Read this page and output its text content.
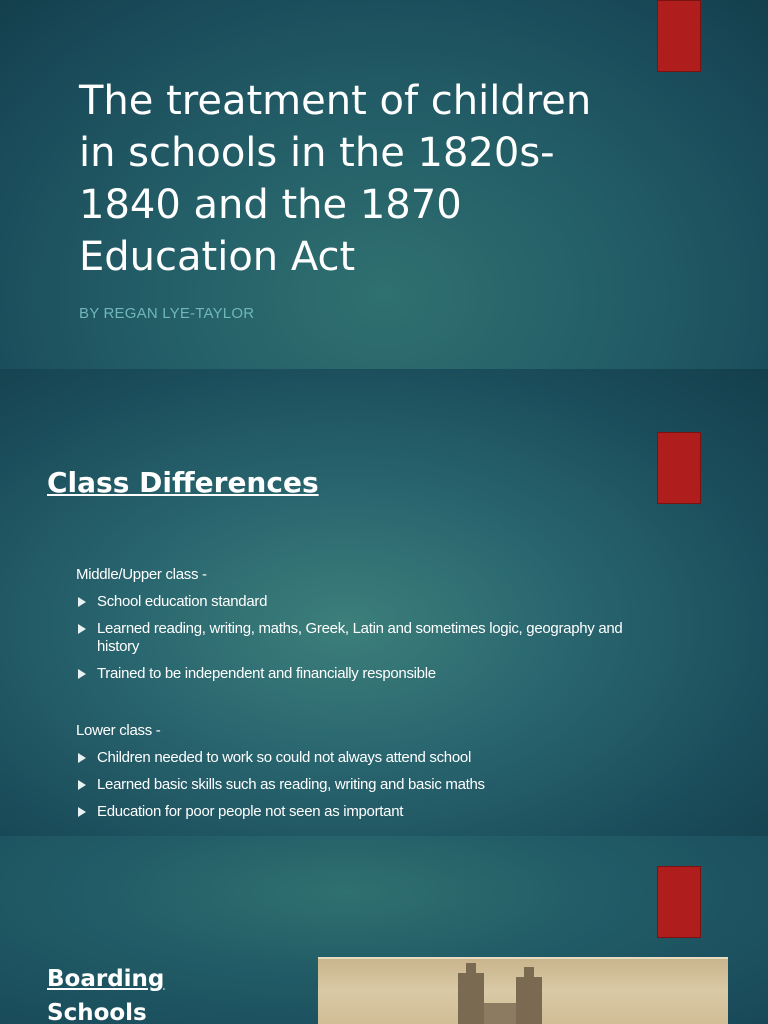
The treatment of children in schools in the 1820s-1840 and the 1870 Education Act

BY REGAN LYE-TAYLOR

Class Differences

Middle/Upper class -

School education standard
Learned reading, writing, maths, Greek, Latin and sometimes logic, geography and history
Trained to be independent and financially responsible

Lower class -

Children needed to work so could not always attend school
Learned basic skills such as reading, writing and basic maths
Education for poor people not seen as important
Boarding
Schools
